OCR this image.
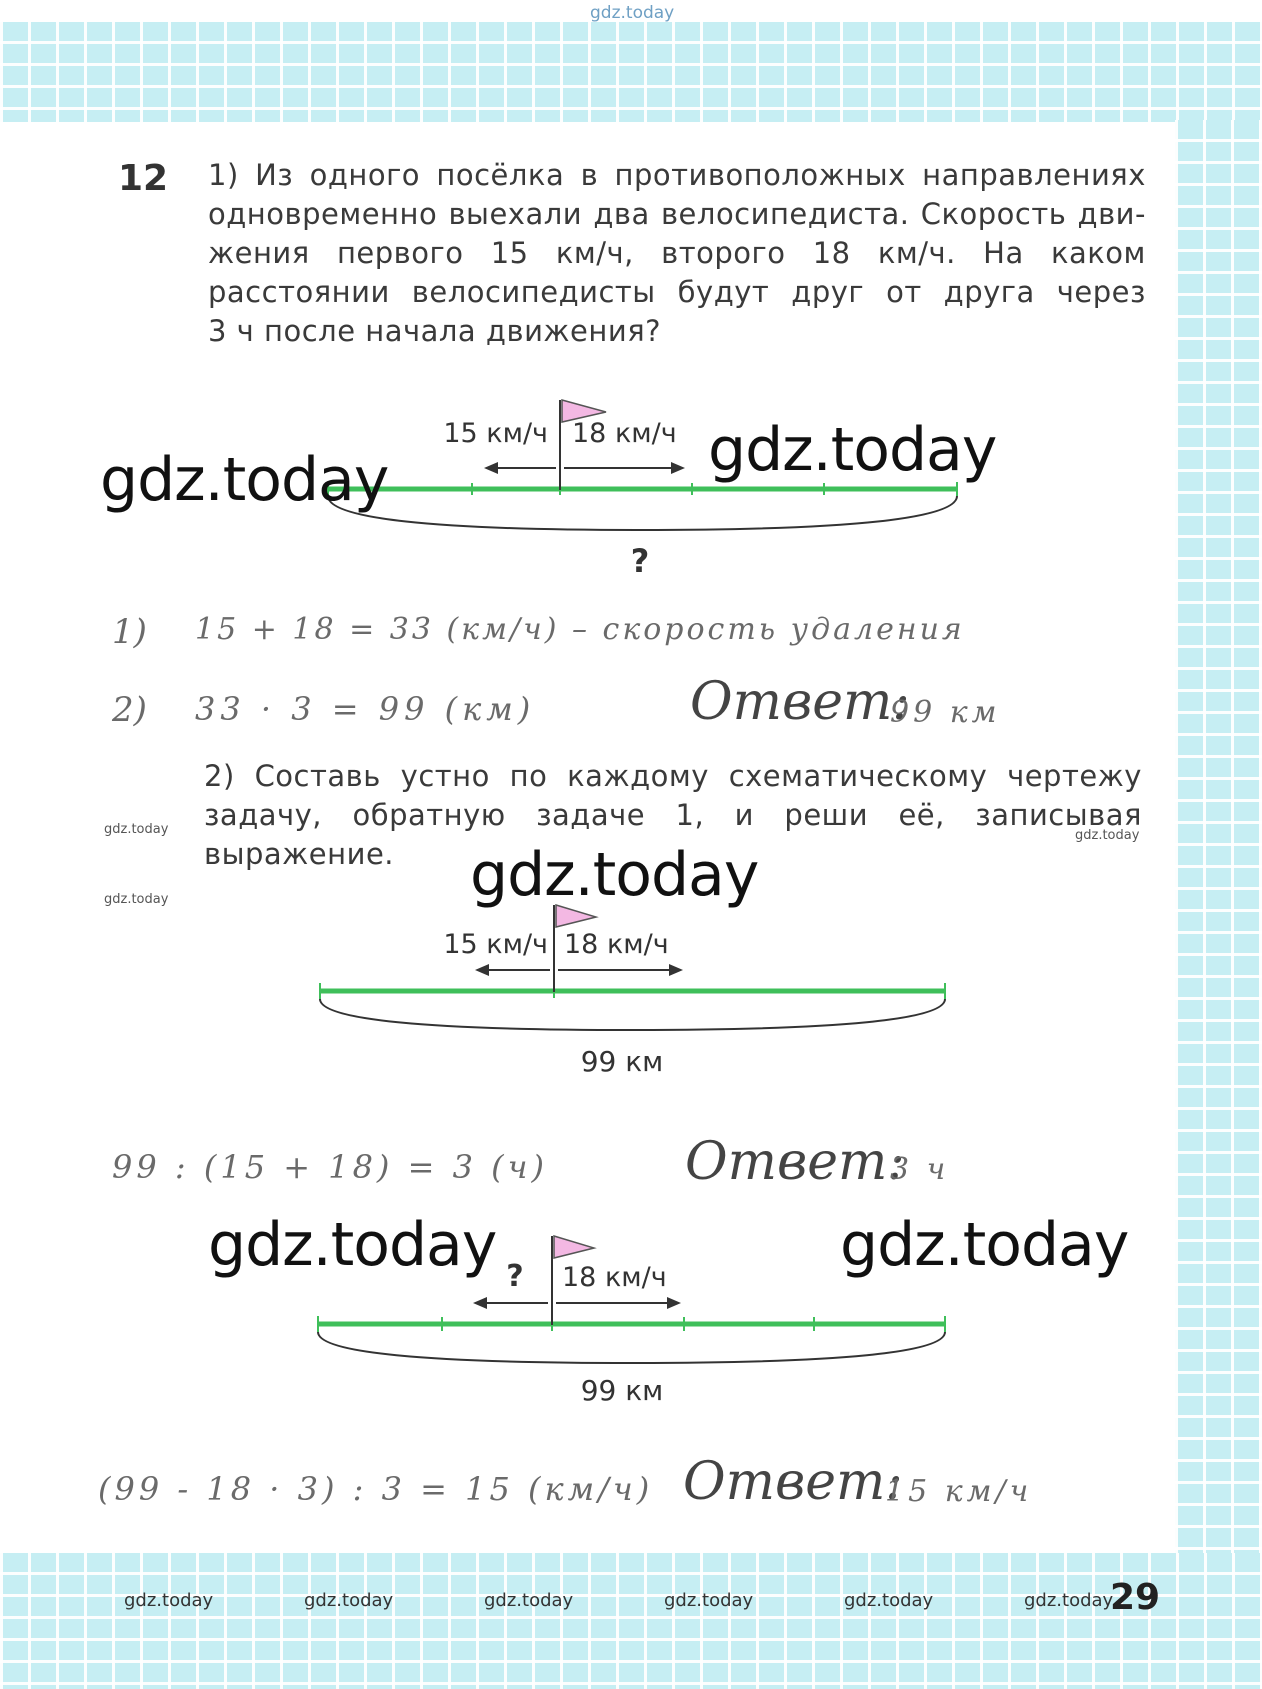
gdz.today
12 1) Из одного посёлка в противоположных направлениях
одновременно выехали два велосипедиста. Скорость дви-
жения первого 15 км/ч, второго 18 км/ч. На каком
расстоянии велосипедисты будут друг от друга через
3 ч после начала движения?
15 км/ч 18 км/ч
?
1) 15 + 18 = 33 (км/ч) – скорость удаления
2) 33 · 3 = 99 (км)	Ответ:
99 км
2) Составь устно по каждому схематическому чертежу
задачу, обратную задаче 1, и реши её, записывая
выражение.
15 км/ч 18 км/ч
99 км
99 : (15 + 18) = 3 (ч)	Ответ:
3 ч
? 18 км/ч
99 км
(99 - 18 · 3) : 3 = 15 (км/ч) Ответ:
15 км/ч
gdz.today	gdz.today
gdz.today
gdz.today	gdz.today
gdz.today
gdz.today
gdz.today
gdz.today	gdz.today	gdz.today	gdz.today	gdz.today	gdz.today
29
